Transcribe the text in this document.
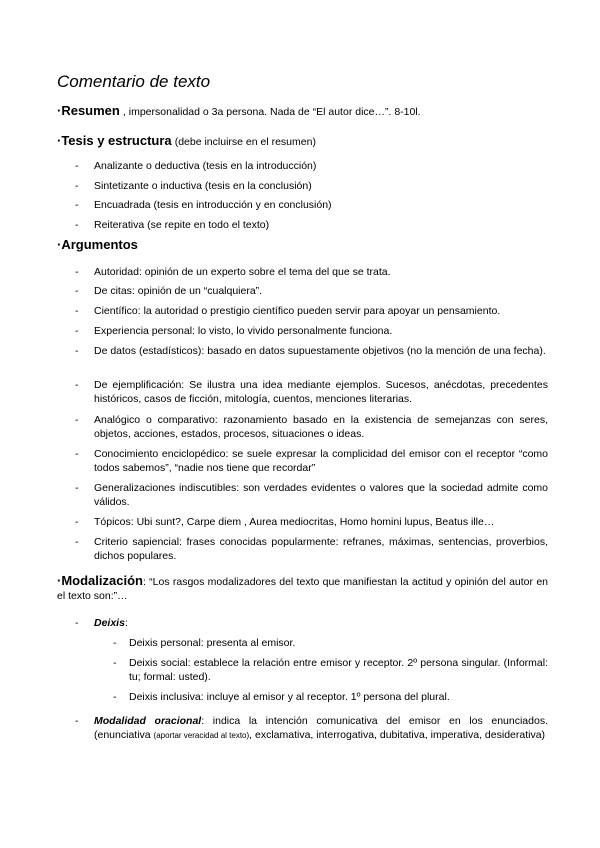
Comentario de texto
·Resumen , impersonalidad o 3a persona. Nada de “El autor dice…”. 8-10l.
·Tesis y estructura (debe incluirse en el resumen)
- Analizante o deductiva (tesis en la introducción)
- Sintetizante o inductiva (tesis en la conclusión)
- Encuadrada (tesis en introducción y en conclusión)
- Reiterativa (se repite en todo el texto)
·Argumentos
- Autoridad: opinión de un experto sobre el tema del que se trata.
- De citas: opinión de un “cualquiera”.
- Científico: la autoridad o prestigio científico pueden servir para apoyar un pensamiento.
- Experiencia personal: lo visto, lo vivido personalmente funciona.
- De datos (estadísticos): basado en datos supuestamente objetivos (no la mención de una fecha).
- De ejemplificación: Se ilustra una idea mediante ejemplos. Sucesos, anécdotas, precedentes históricos, casos de ficción, mitología, cuentos, menciones literarias.
- Analógico o comparativo: razonamiento basado en la existencia de semejanzas con seres, objetos, acciones, estados, procesos, situaciones o ideas.
- Conocimiento enciclopédico: se suele expresar la complicidad del emisor con el receptor “como todos sabemos”, “nadie nos tiene que recordar”
- Generalizaciones indiscutibles: son verdades evidentes o valores que la sociedad admite como válidos.
- Tópicos: Ubi sunt?, Carpe diem , Aurea mediocritas, Homo homini lupus, Beatus ille…
- Criterio sapiencial: frases conocidas popularmente: refranes, máximas, sentencias, proverbios, dichos populares.
·Modalización: “Los rasgos modalizadores del texto que manifiestan la actitud y opinión del autor en el texto son:”…
- Deixis:
- Deixis personal: presenta al emisor.
- Deixis social: establece la relación entre emisor y receptor. 2º persona singular. (Informal: tu; formal: usted).
- Deixis inclusiva: incluye al emisor y al receptor. 1º persona del plural.
- Modalidad oracional: indica la intención comunicativa del emisor en los enunciados. (enunciativa (aportar veracidad al texto), exclamativa, interrogativa, dubitativa, imperativa, desiderativa)
